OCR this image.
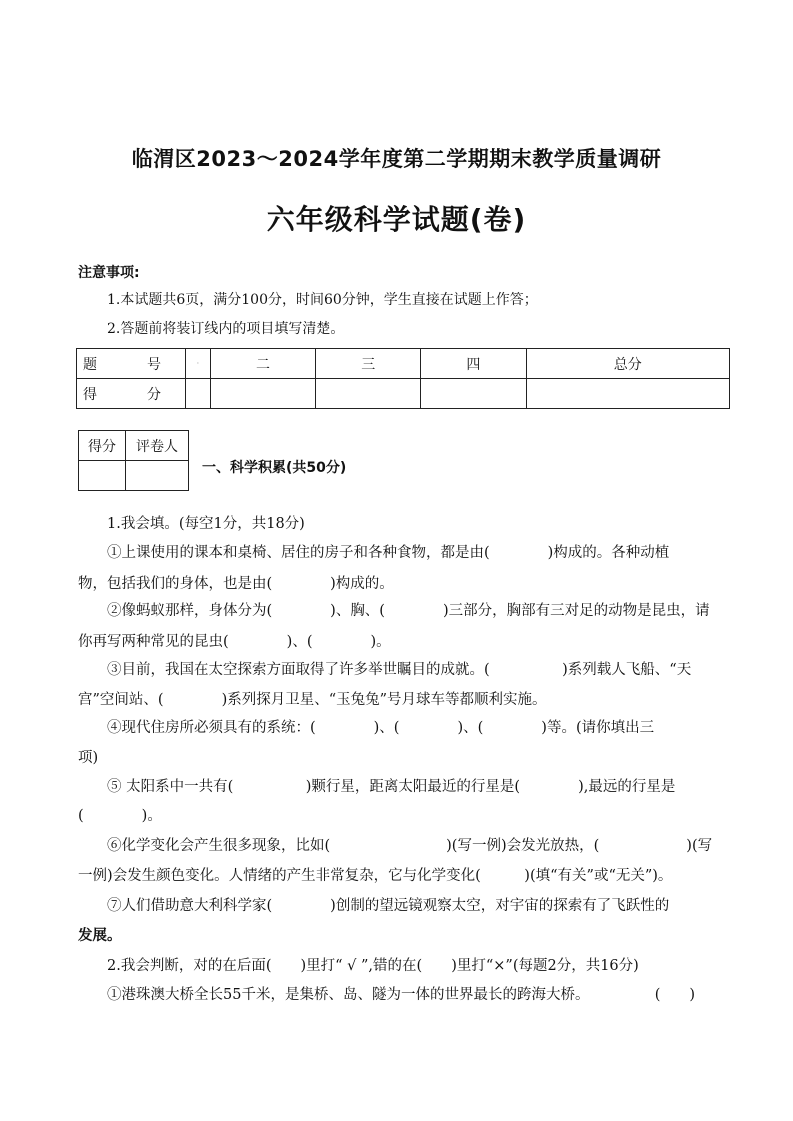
临渭区2023～2024学年度第二学期期末教学质量调研
六年级科学试题(卷)
注意事项:
1.本试题共6页，满分100分，时间60分钟，学生直接在试题上作答；
2.答题前将装订线内的项目填写清楚。
题　号	·	二	三	四	总分
得　分					
得分	评卷人

一、科学积累(共50分)
1.我会填。(每空1分，共18分)
①上课使用的课本和桌椅、居住的房子和各种食物，都是由(　　　　)构成的。各种动植
物，包括我们的身体，也是由(　　　　)构成的。
②像蚂蚁那样，身体分为(　　　　)、胸、(　　　　)三部分，胸部有三对足的动物是昆虫，请
你再写两种常见的昆虫(　　　　)、(　　　　)。
③目前，我国在太空探索方面取得了许多举世瞩目的成就。(　　　　　)系列载人飞船、“天
宫”空间站、(　　　　)系列探月卫星、“玉兔兔”号月球车等都顺利实施。
④现代住房所必须具有的系统：(　　　　)、(　　　　)、(　　　　)等。(请你填出三
项)
⑤ 太阳系中一共有(　　　　　)颗行星，距离太阳最近的行星是(　　　　),最远的行星是
(　　　　)。
⑥化学变化会产生很多现象，比如(　　　　　　　　)(写一例)会发光放热，(　　　　　　)(写
一例)会发生颜色变化。人情绪的产生非常复杂，它与化学变化(　　　)(填“有关”或“无关”)。
⑦人们借助意大利科学家(　　　　)创制的望远镜观察太空，对宇宙的探索有了飞跃性的
发展。
2.我会判断，对的在后面(　　)里打“ √ ”,错的在(　　)里打“×”(每题2分，共16分)
①港珠澳大桥全长55千米，是集桥、岛、隧为一体的世界最长的跨海大桥。　　　　　(　　)
